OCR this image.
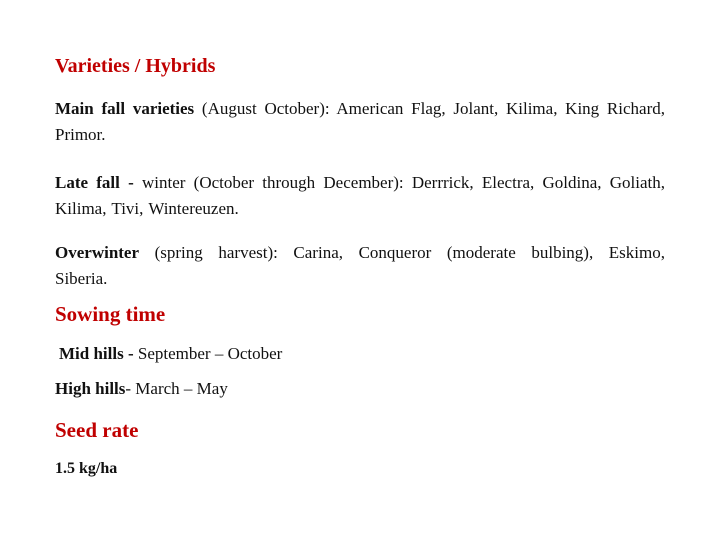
Varieties / Hybrids

Main fall varieties (August October): American Flag, Jolant, Kilima, King Richard, Primor.

Late fall - winter (October through December): Derrrick, Electra, Goldina, Goliath, Kilima, Tivi, Wintereuzen.

Overwinter (spring harvest): Carina, Conqueror (moderate bulbing), Eskimo, Siberia.

Sowing time

Mid hills - September – October

High hills- March – May

Seed rate

1.5 kg/ha
